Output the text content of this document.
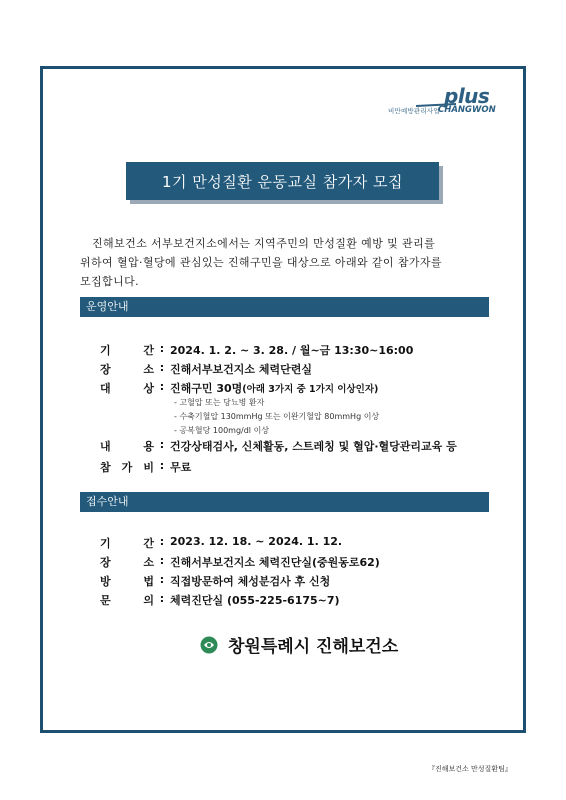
비만예방관리사업
plus
CHANGWON
1기 만성질환 운동교실 참가자 모집
진해보건소 서부보건지소에서는 지역주민의 만성질환 예방 및 관리를
위하여 혈압·혈당에 관심있는 진해구민을 대상으로 아래와 같이 참가자를
모집합니다.
운영안내
기	간 : 2024. 1. 2. ~ 3. 28. / 월~금 13:30~16:00
장	소 : 진해서부보건지소 체력단련실
대	상 : 진해구민 30명(아래 3가지 중 1가지 이상인자)
- 고혈압 또는 당뇨병 환자
- 수축기혈압 130mmHg 또는 이완기혈압 80mmHg 이상
- 공복혈당 100mg/dl 이상
내	용 : 건강상태검사, 신체활동, 스트레칭 및 혈압·혈당관리교육 등
참 가 비 : 무료
접수안내
기	간 : 2023. 12. 18. ~ 2024. 1. 12.
장	소 : 진해서부보건지소 체력진단실(중원동로62)
방	법 : 직접방문하여 체성분검사 후 신청
문	의 : 체력진단실 (055-225-6175~7)
창원특례시 진해보건소
『진해보건소 만성질환팀』
